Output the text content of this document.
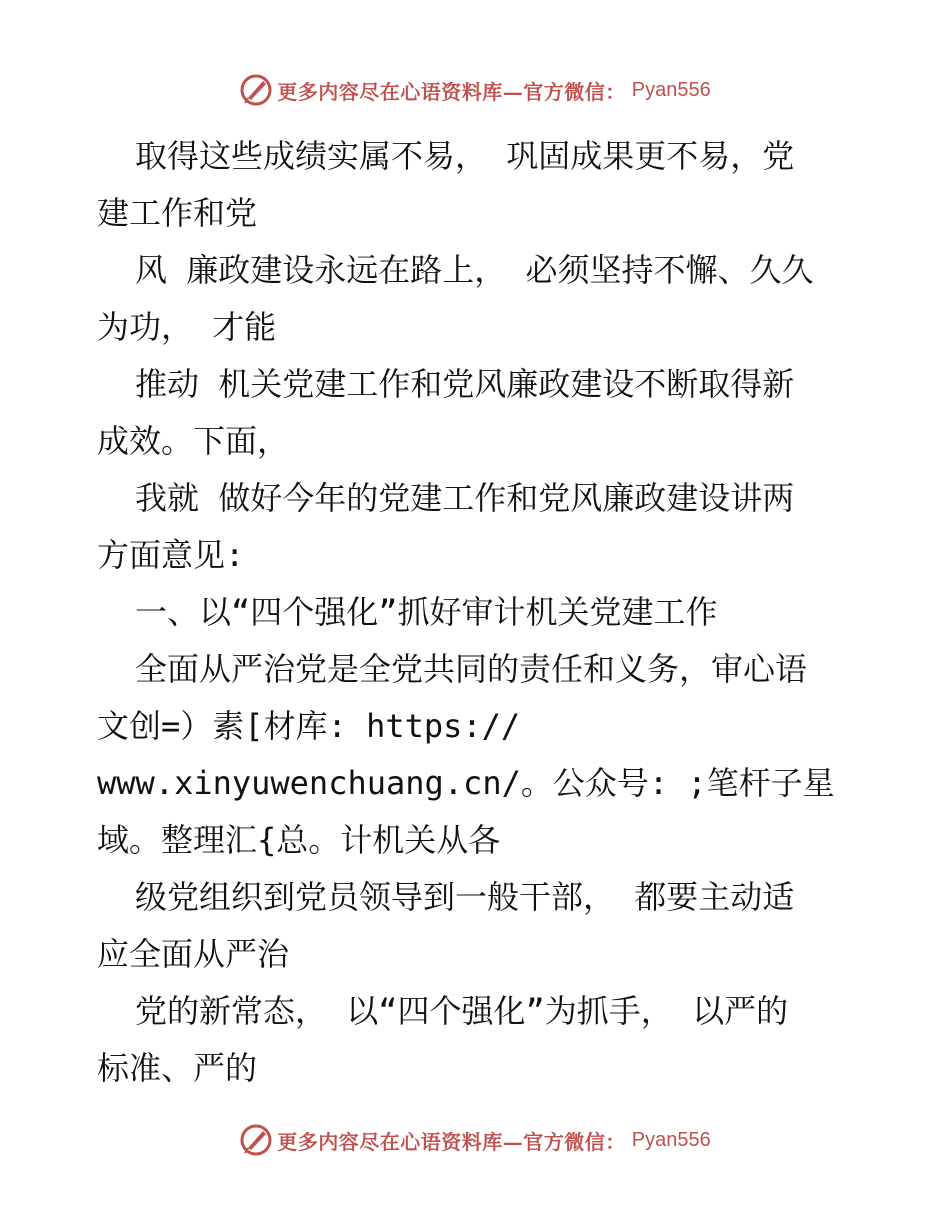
更多内容尽在心语资料库—官方微信： Pyan556
取得这些成绩实属不易， 巩固成果更不易，党
建工作和党
风 廉政建设永远在路上， 必须坚持不懈、久久
为功， 才能
推动 机关党建工作和党风廉政建设不断取得新
成效。下面，
我就 做好今年的党建工作和党风廉政建设讲两
方面意见:
一、以“四个强化”抓好审计机关党建工作
全面从严治党是全党共同的责任和义务，审心语
文创=）素[材库: https://
www.xinyuwenchuang.cn/。公众号: ;笔杆子星
域。整理汇{总。计机关从各
级党组织到党员领导到一般干部， 都要主动适
应全面从严治
党的新常态， 以“四个强化”为抓手， 以严的
标准、严的
更多内容尽在心语资料库—官方微信： Pyan556
